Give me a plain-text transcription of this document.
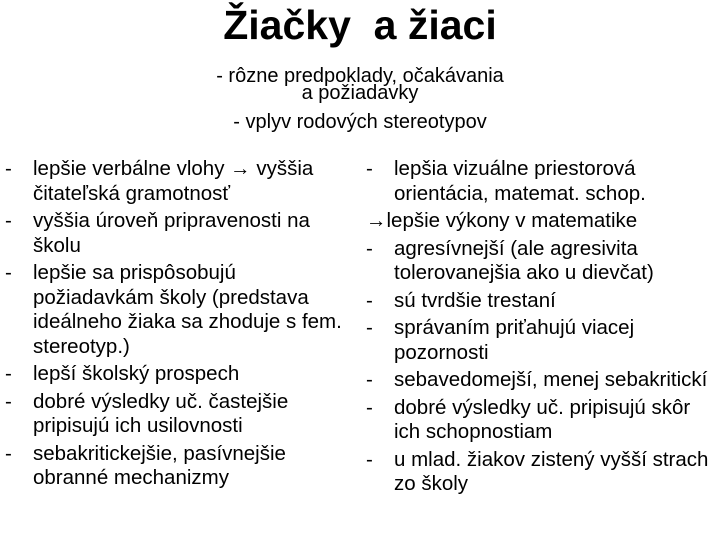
Žiačky  a žiaci
- rôzne predpoklady, očakávania
a požiadavky
- vplyv rodových stereotypov
-	lepšie verbálne vlohy → vyššia čitateľská gramotnosť
-	vyššia úroveň pripravenosti na školu
-	lepšie sa prispôsobujú požiadavkám školy (predstava ideálneho žiaka sa zhoduje s fem. stereotyp.)
-	lepší školský prospech
-	dobré výsledky uč. častejšie pripisujú ich usilovnosti
-	sebakritickejšie, pasívnejšie obranné mechanizmy
-	lepšia vizuálne priestorová orientácia, matemat. schop.
→lepšie výkony v matematike
-	agresívnejší (ale agresivita tolerovanejšia ako u dievčat)
-	sú tvrdšie trestaní
-	správaním priťahujú viacej pozornosti
-	sebavedomejší, menej sebakritickí
-	dobré výsledky uč. pripisujú skôr ich schopnostiam
-	u mlad. žiakov zistený vyšší strach zo školy
